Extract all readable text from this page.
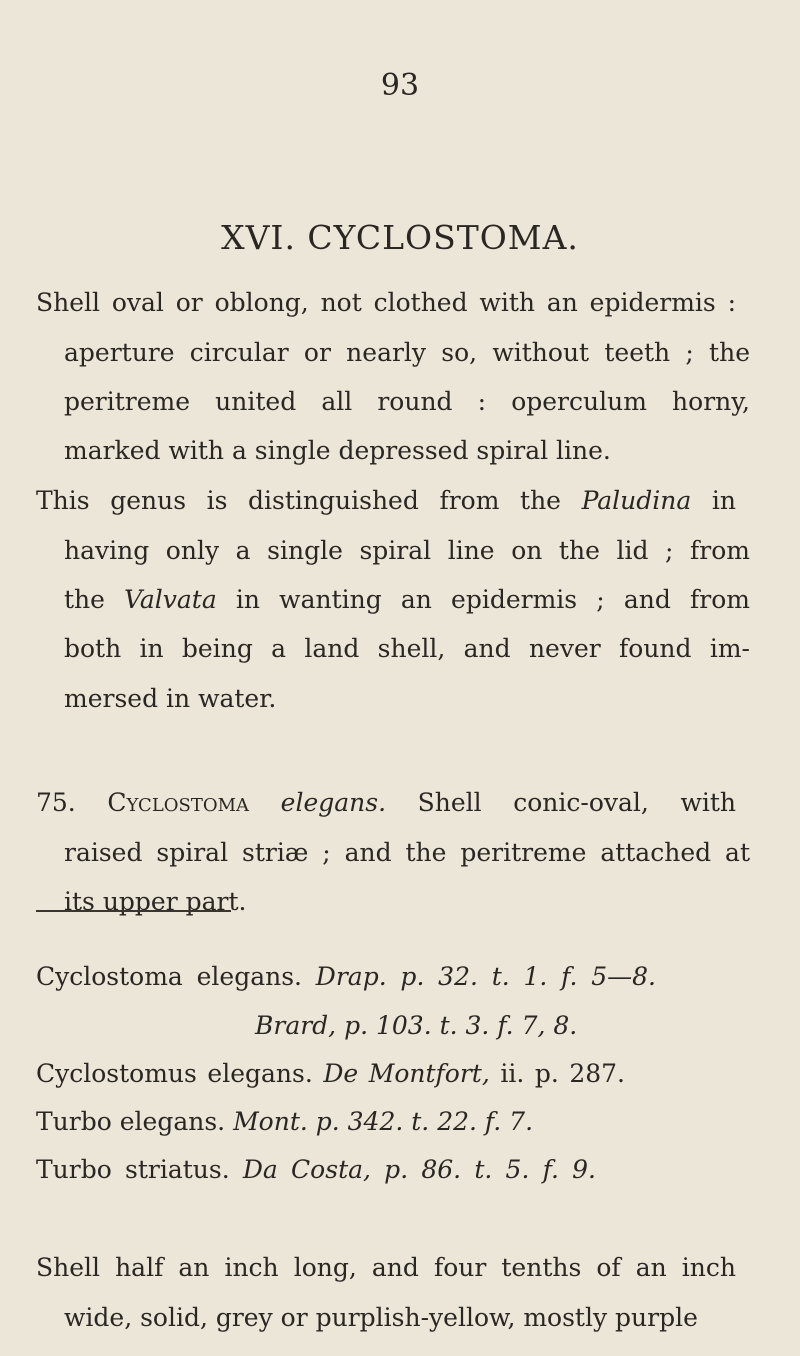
93
XVI. CYCLOSTOMA.
Shell oval or oblong, not clothed with an epidermis :
aperture circular or nearly so, without teeth ; the
peritreme united all round : operculum horny,
marked with a single depressed spiral line.
This genus is distinguished from the Paludina in
having only a single spiral line on the lid ; from
the Valvata in wanting an epidermis ; and from
both in being a land shell, and never found im-
mersed in water.
75. Cyclostoma elegans. Shell conic-oval, with
raised spiral striæ ; and the peritreme attached at
its upper part.
Cyclostoma elegans. Drap. p. 32. t. 1. f. 5—8.
Brard, p. 103. t. 3. f. 7, 8.
Cyclostomus elegans. De Montfort, ii. p. 287.
Turbo elegans. Mont. p. 342. t. 22. f. 7.
Turbo striatus. Da Costa, p. 86. t. 5. f. 9.
Shell half an inch long, and four tenths of an inch
wide, solid, grey or purplish-yellow, mostly purple
